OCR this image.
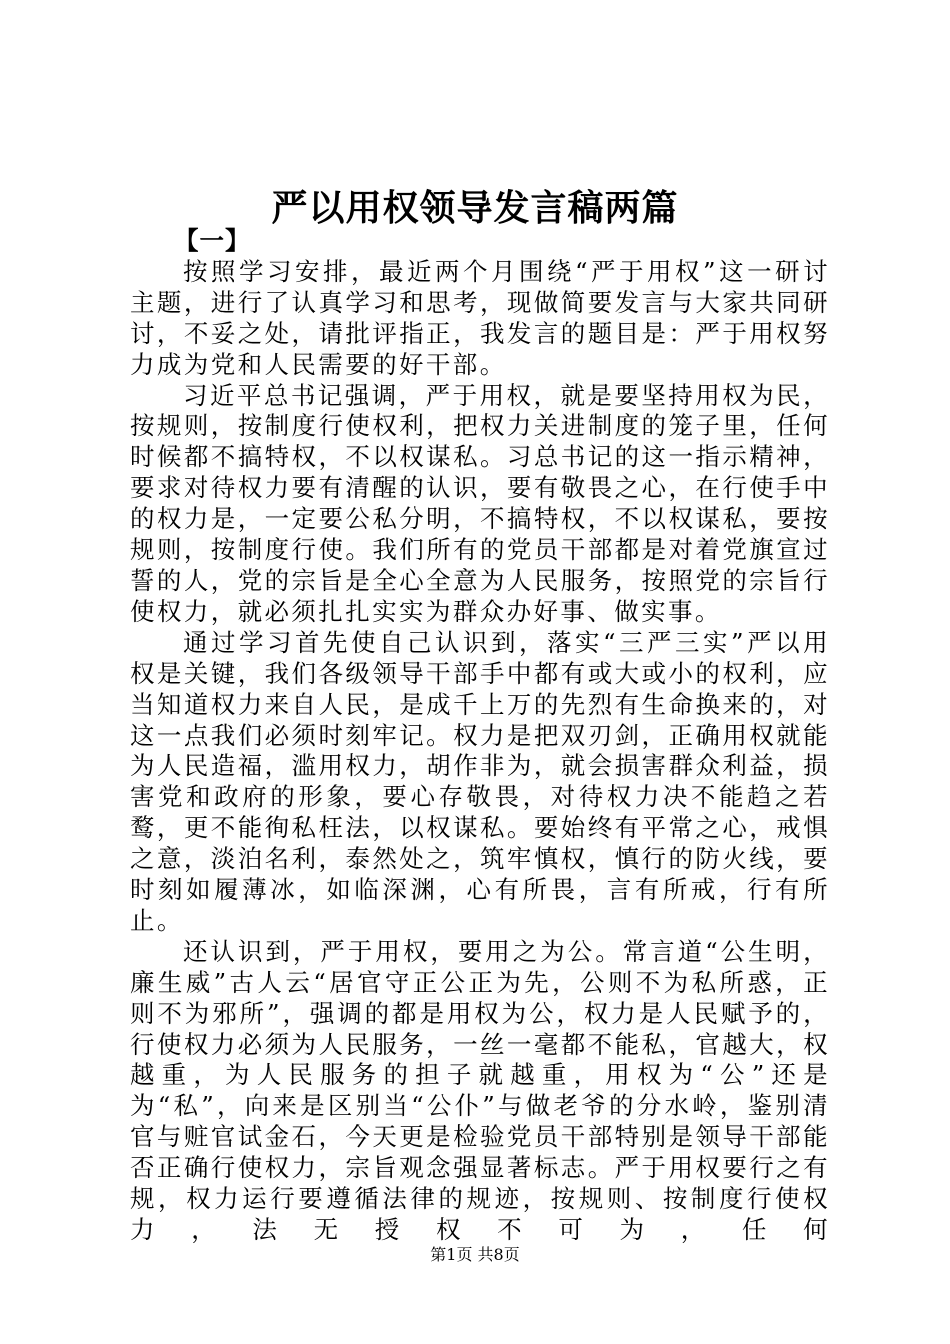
严以用权领导发言稿两篇
【一】

按照学习安排，最近两个月围绕“严于用权”这一研讨主题，进行了认真学习和思考，现做简要发言与大家共同研讨，不妥之处，请批评指正，我发言的题目是：严于用权努力成为党和人民需要的好干部。

习近平总书记强调，严于用权，就是要坚持用权为民，按规则，按制度行使权利，把权力关进制度的笼子里，任何时候都不搞特权，不以权谋私。习总书记的这一指示精神，要求对待权力要有清醒的认识，要有敬畏之心，在行使手中的权力是，一定要公私分明，不搞特权，不以权谋私，要按规则，按制度行使。我们所有的党员干部都是对着党旗宣过誓的人，党的宗旨是全心全意为人民服务，按照党的宗旨行使权力，就必须扎扎实实为群众办好事、做实事。

通过学习首先使自己认识到，落实“三严三实”严以用权是关键，我们各级领导干部手中都有或大或小的权利，应当知道权力来自人民，是成千上万的先烈有生命换来的，对这一点我们必须时刻牢记。权力是把双刃剑，正确用权就能为人民造福，滥用权力，胡作非为，就会损害群众利益，损害党和政府的形象，要心存敬畏，对待权力决不能趋之若鹜，更不能徇私枉法，以权谋私。要始终有平常之心，戒惧之意，淡泊名利，泰然处之，筑牢慎权，慎行的防火线，要时刻如履薄冰，如临深渊，心有所畏，言有所戒，行有所止。

还认识到，严于用权，要用之为公。常言道“公生明，廉生威”古人云“居官守正公正为先，公则不为私所惑，正则不为邪所”，强调的都是用权为公，权力是人民赋予的，行使权力必须为人民服务，一丝一毫都不能私，官越大，权越重，为人民服务的担子就越重，用权为“公”还是为“私”，向来是区别当“公仆”与做老爷的分水岭，鉴别清官与赃官试金石，今天更是检验党员干部特别是领导干部能否正确行使权力，宗旨观念强显著标志。严于用权要行之有规，权力运行要遵循法律的规迹，按规则、按制度行使权力，法无授权不可为，任何

第1页 共8页
